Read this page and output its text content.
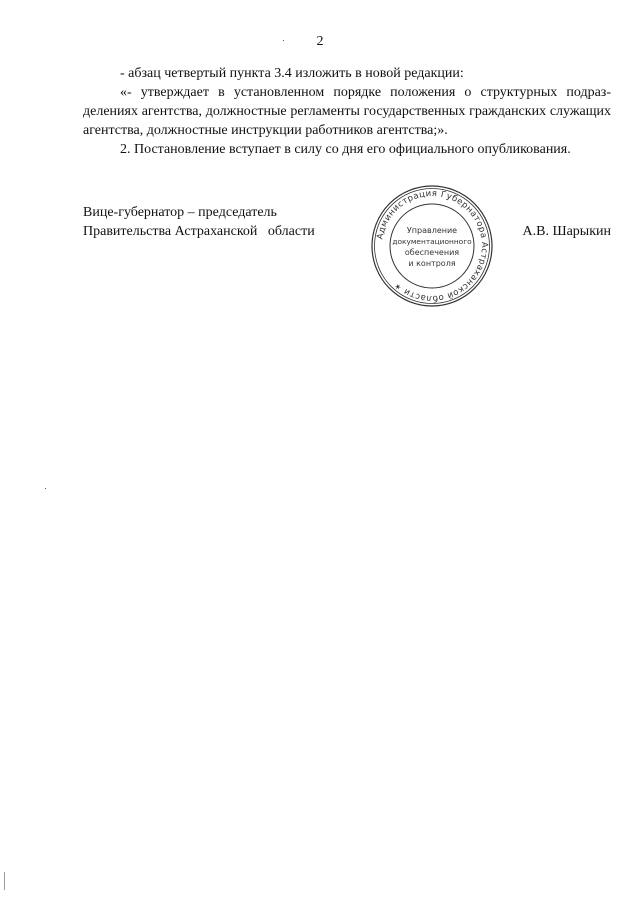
2

- абзац четвертый пункта 3.4 изложить в новой редакции:

«- утверждает в установленном порядке положения о структурных подразделениях агентства, должностные регламенты государственных гражданских служащих агентства, должностные инструкции работников агентства;».

2. Постановление вступает в силу со дня его официального опубликования.

Вице-губернатор – председатель
Правительства Астраханской   области	Администрация Губернатора Астраханской области ✶
Управление
документационного
обеспечения
и контроля
А.В. Шарыкин
